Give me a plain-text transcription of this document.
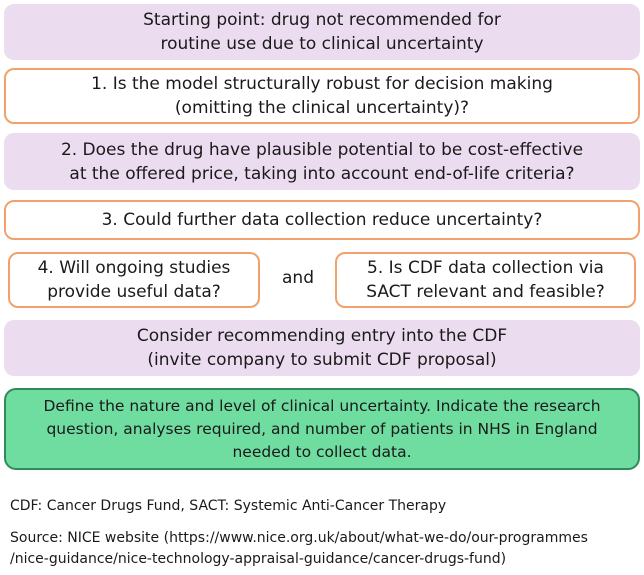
Starting point: drug not recommended for
routine use due to clinical uncertainty
1. Is the model structurally robust for decision making
(omitting the clinical uncertainty)?
2. Does the drug have plausible potential to be cost-effective
at the offered price, taking into account end-of-life criteria?
3. Could further data collection reduce uncertainty?
4. Will ongoing studies
provide useful data?
and	5. Is CDF data collection via
SACT relevant and feasible?
Consider recommending entry into the CDF
(invite company to submit CDF proposal)
Define the nature and level of clinical uncertainty. Indicate the research
question, analyses required, and number of patients in NHS in England
needed to collect data.
CDF: Cancer Drugs Fund, SACT: Systemic Anti-Cancer Therapy
Source: NICE website (https://www.nice.org.uk/about/what-we-do/our-programmes
/nice-guidance/nice-technology-appraisal-guidance/cancer-drugs-fund)
